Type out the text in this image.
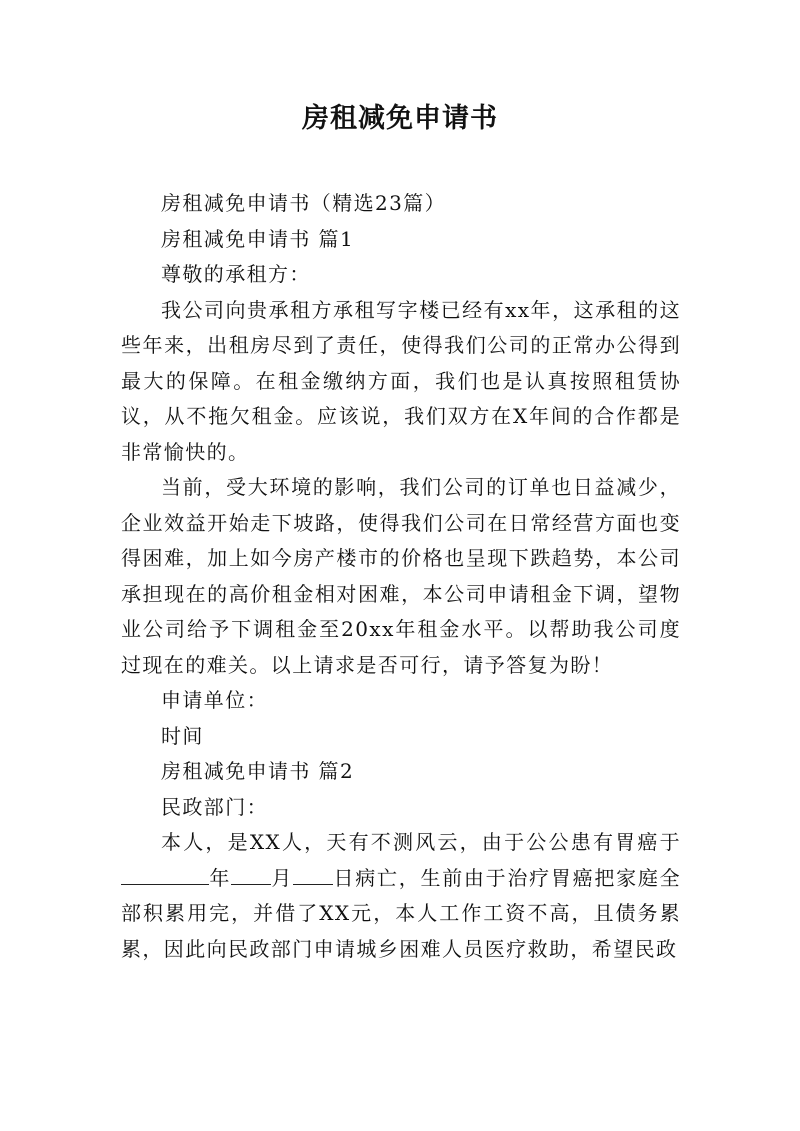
房租减免申请书

房租减免申请书（精选23篇）

房租减免申请书 篇1

尊敬的承租方：

我公司向贵承租方承租写字楼已经有xx年，这承租的这些年来，出租房尽到了责任，使得我们公司的正常办公得到最大的保障。在租金缴纳方面，我们也是认真按照租赁协议，从不拖欠租金。应该说，我们双方在X年间的合作都是非常愉快的。

当前，受大环境的影响，我们公司的订单也日益减少，企业效益开始走下坡路，使得我们公司在日常经营方面也变得困难，加上如今房产楼市的价格也呈现下跌趋势，本公司承担现在的高价租金相对困难，本公司申请租金下调，望物业公司给予下调租金至20xx年租金水平。以帮助我公司度过现在的难关。以上请求是否可行，请予答复为盼！

申请单位：

时间

房租减免申请书 篇2

民政部门：

本人，是XX人，天有不测风云，由于公公患有胃癌于年 月 日病亡，生前由于治疗胃癌把家庭全部积累用完，并借了XX元，本人工作工资不高，且债务累累，因此向民政部门申请城乡困难人员医疗救助，希望民政
